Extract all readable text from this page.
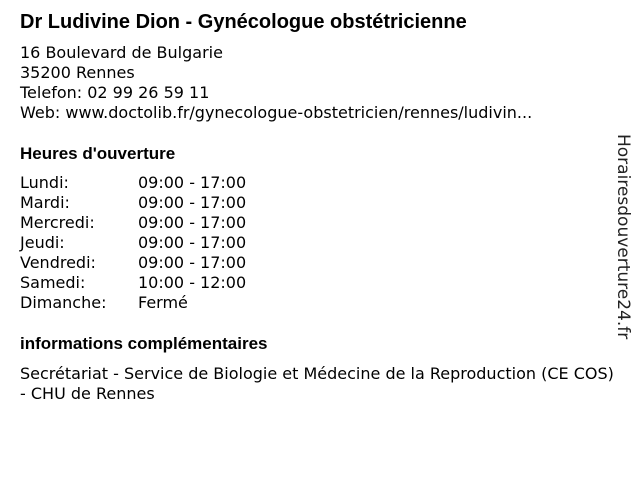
Dr Ludivine Dion - Gynécologue obstétricienne
16 Boulevard de Bulgarie
35200 Rennes
Telefon: 02 99 26 59 11
Web: www.doctolib.fr/gynecologue-obstetricien/rennes/ludivin...
Heures d'ouverture
Lundi:	09:00 - 17:00
Mardi:	09:00 - 17:00
Mercredi:	09:00 - 17:00
Jeudi:	09:00 - 17:00
Vendredi:	09:00 - 17:00
Samedi:	10:00 - 12:00
Dimanche: Fermé
informations complémentaires
Secrétariat - Service de Biologie et Médecine de la Reproduction (CE COS) - CHU de Rennes
Horairesdouverture24.fr
